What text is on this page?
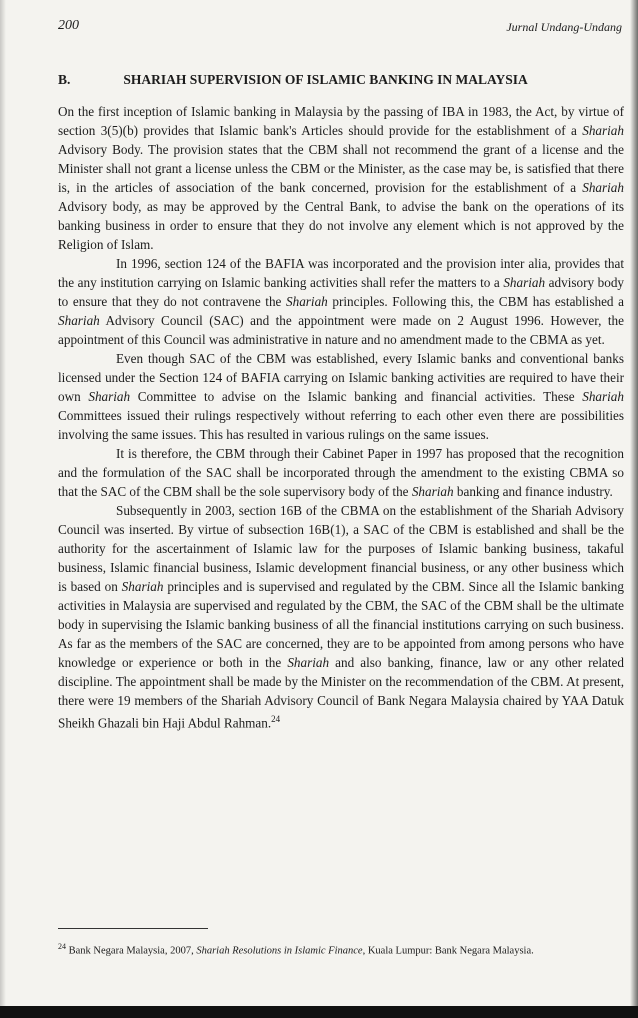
200	Jurnal Undang-Undang
B.	SHARIAH SUPERVISION OF ISLAMIC BANKING IN MALAYSIA

On the first inception of Islamic banking in Malaysia by the passing of IBA in 1983, the Act, by virtue of section 3(5)(b) provides that Islamic bank's Articles should provide for the establishment of a Shariah Advisory Body. The provision states that the CBM shall not recommend the grant of a license and the Minister shall not grant a license unless the CBM or the Minister, as the case may be, is satisfied that there is, in the articles of association of the bank concerned, provision for the establishment of a Shariah Advisory body, as may be approved by the Central Bank, to advise the bank on the operations of its banking business in order to ensure that they do not involve any element which is not approved by the Religion of Islam.

In 1996, section 124 of the BAFIA was incorporated and the provision inter alia, provides that the any institution carrying on Islamic banking activities shall refer the matters to a Shariah advisory body to ensure that they do not contravene the Shariah principles. Following this, the CBM has established a Shariah Advisory Council (SAC) and the appointment were made on 2 August 1996. However, the appointment of this Council was administrative in nature and no amendment made to the CBMA as yet.

Even though SAC of the CBM was established, every Islamic banks and conventional banks licensed under the Section 124 of BAFIA carrying on Islamic banking activities are required to have their own Shariah Committee to advise on the Islamic banking and financial activities. These Shariah Committees issued their rulings respectively without referring to each other even there are possibilities involving the same issues. This has resulted in various rulings on the same issues.

It is therefore, the CBM through their Cabinet Paper in 1997 has proposed that the recognition and the formulation of the SAC shall be incorporated through the amendment to the existing CBMA so that the SAC of the CBM shall be the sole supervisory body of the Shariah banking and finance industry.

Subsequently in 2003, section 16B of the CBMA on the establishment of the Shariah Advisory Council was inserted. By virtue of subsection 16B(1), a SAC of the CBM is established and shall be the authority for the ascertainment of Islamic law for the purposes of Islamic banking business, takaful business, Islamic financial business, Islamic development financial business, or any other business which is based on Shariah principles and is supervised and regulated by the CBM. Since all the Islamic banking activities in Malaysia are supervised and regulated by the CBM, the SAC of the CBM shall be the ultimate body in supervising the Islamic banking business of all the financial institutions carrying on such business. As far as the members of the SAC are concerned, they are to be appointed from among persons who have knowledge or experience or both in the Shariah and also banking, finance, law or any other related discipline. The appointment shall be made by the Minister on the recommendation of the CBM. At present, there were 19 members of the Shariah Advisory Council of Bank Negara Malaysia chaired by YAA Datuk Sheikh Ghazali bin Haji Abdul Rahman.$^{24}$

$^{24}$ Bank Negara Malaysia, 2007, Shariah Resolutions in Islamic Finance, Kuala Lumpur: Bank Negara Malaysia.
